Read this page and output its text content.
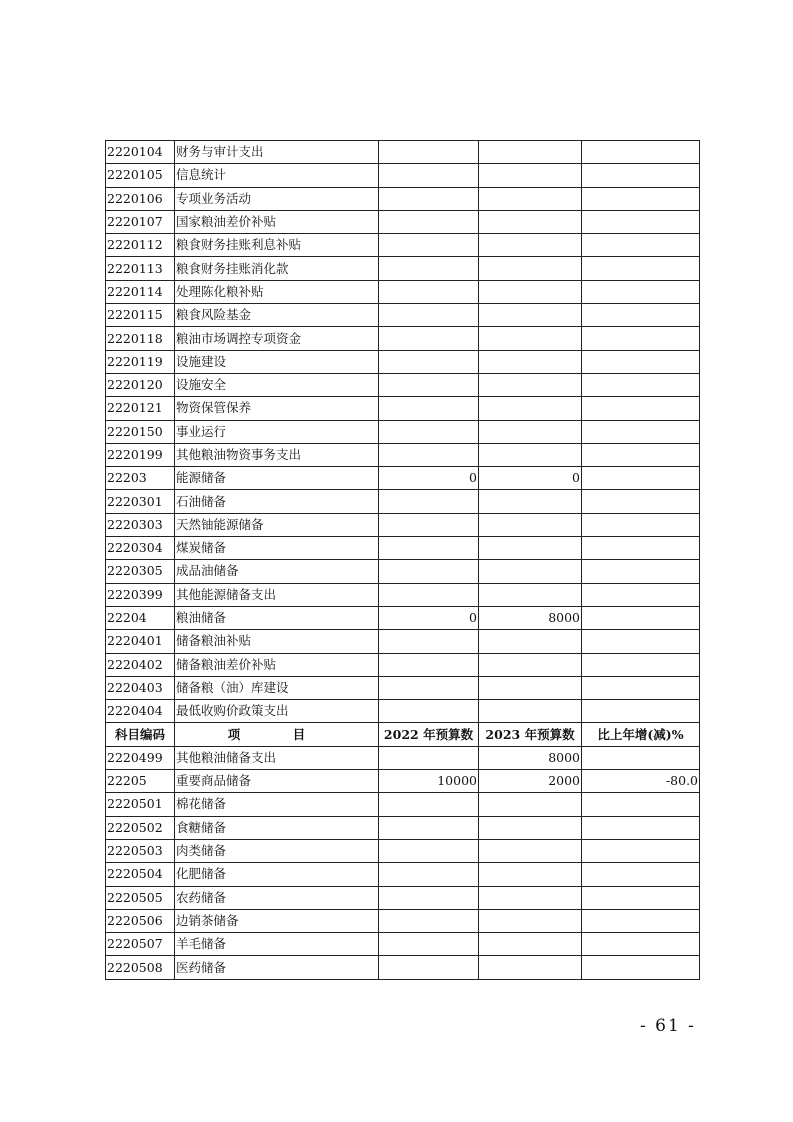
2220104	财务与审计支出			
2220105	信息统计			
2220106	专项业务活动			
2220107	国家粮油差价补贴			
2220112	粮食财务挂账利息补贴			
2220113	粮食财务挂账消化款			
2220114	处理陈化粮补贴			
2220115	粮食风险基金			
2220118	粮油市场调控专项资金			
2220119	设施建设			
2220120	设施安全			
2220121	物资保管保养			
2220150	事业运行			
2220199	其他粮油物资事务支出			
22203	能源储备	0	0	
2220301	石油储备			
2220303	天然铀能源储备			
2220304	煤炭储备			
2220305	成品油储备			
2220399	其他能源储备支出			
22204	粮油储备	0	8000	
2220401	储备粮油补贴			
2220402	储备粮油差价补贴			
2220403	储备粮（油）库建设			
2220404	最低收购价政策支出			
科目编码	项　目	2022 年预算数	2023 年预算数	比上年增(减)%
2220499	其他粮油储备支出		8000	
22205	重要商品储备	10000	2000	-80.0
2220501	棉花储备			
2220502	食糖储备			
2220503	肉类储备			
2220504	化肥储备			
2220505	农药储备			
2220506	边销茶储备			
2220507	羊毛储备			
2220508	医药储备			
- 61 -
